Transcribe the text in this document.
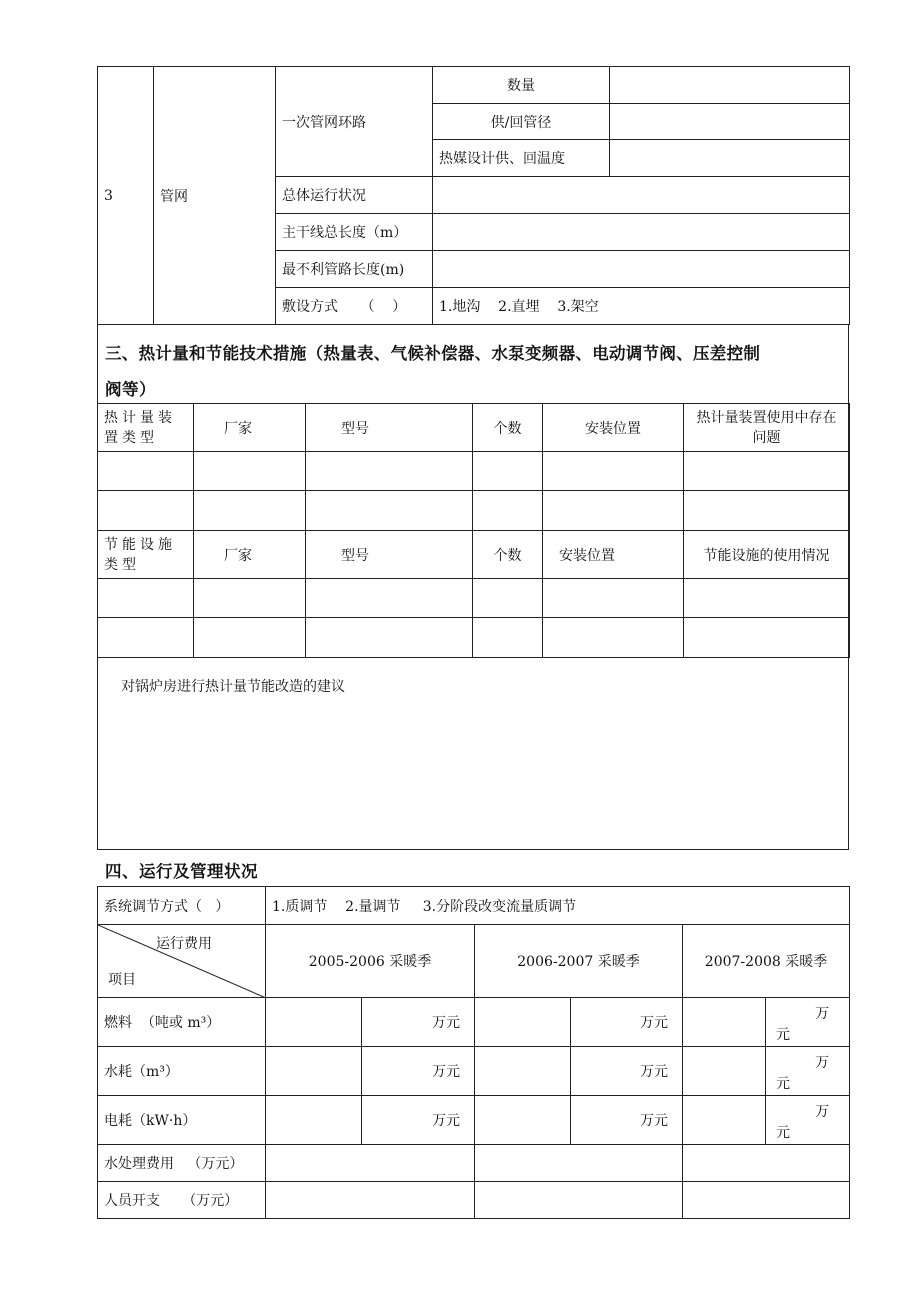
3	管网	一次管网环路	数量	
			供/回管径	
			热媒设计供、回温度	
		总体运行状况		
		主干线总长度（m）		
		最不利管路长度(m)		
		敷设方式 （    ）	1.地沟    2.直埋    3.架空	
三、热计量和节能技术措施（热量表、气候补偿器、水泵变频器、电动调节阀、压差控制
阀等）
热计量装置类型	厂家	型号	个数	安装位置	热计量装置使用中存在问题

节能设施类型	厂家	型号	个数	安装位置	节能设施的使用情况

对锅炉房进行热计量节能改造的建议
四、运行及管理状况
系统调节方式（   ）	1.质调节    2.量调节     3.分阶段改变流量质调节					

运行费用
项目	2005-2006 采暖季		2006-2007 采暖季		2007-2008 采暖季	
燃料  （吨或 m³）		万元		万元		万
元

水耗（m³）		万元		万元		万
元

电耗（kW·h）		万元		万元		万
元

水处理费用   （万元）						
人员开支     （万元）						
